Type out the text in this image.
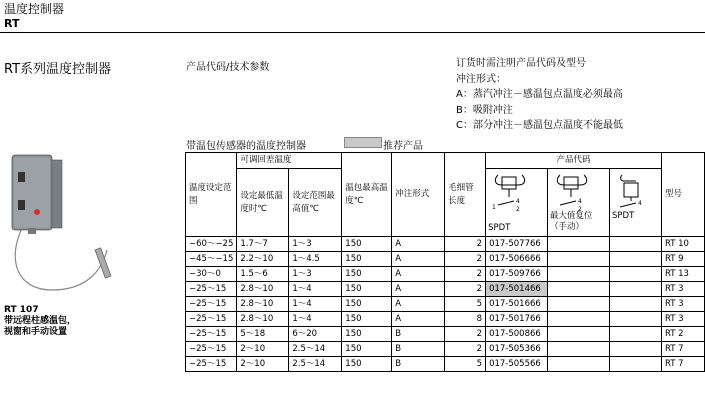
温度控制器
RT
RT系列温度控制器	产品代码/技术参数	订货时需注明产品代码及型号
冲注形式：
A：蒸汽冲注－感温包点温度必须最高
B：吸附冲注
C：部分冲注－感温包点温度不能最低
带温包传感器的温度控制器	推荐产品
RT 107
带远程柱感温包，
视窗和手动设置
温度设定范围	可调回差温度		温包最高温度℃	冲注形式	毛细管长度	产品代码			型号

4
2
1
SPDT	4
2
最大值复位（手动）	4
SPDT	

	设定最低温度时℃	设定范围最高值℃							
−60～−25	1.7～7	1～3	150	A	2	017-507766			RT 10
−45～−15	2.2～10	1～4.5	150	A	2	017-506666			RT 9
−30～0	1.5～6	1～3	150	A	2	017-509766			RT 13
−25～15	2.8～10	1～4	150	A	2	017-501466			RT 3
−25～15	2.8～10	1～4	150	A	5	017-501666			RT 3
−25～15	2.8～10	1～4	150	A	8	017-501766			RT 3
−25～15	5～18	6～20	150	B	2	017-500866			RT 2
−25～15	2～10	2.5～14	150	B	2	017-505366			RT 7
−25～15	2～10	2.5～14	150	B	5	017-505566			RT 7
